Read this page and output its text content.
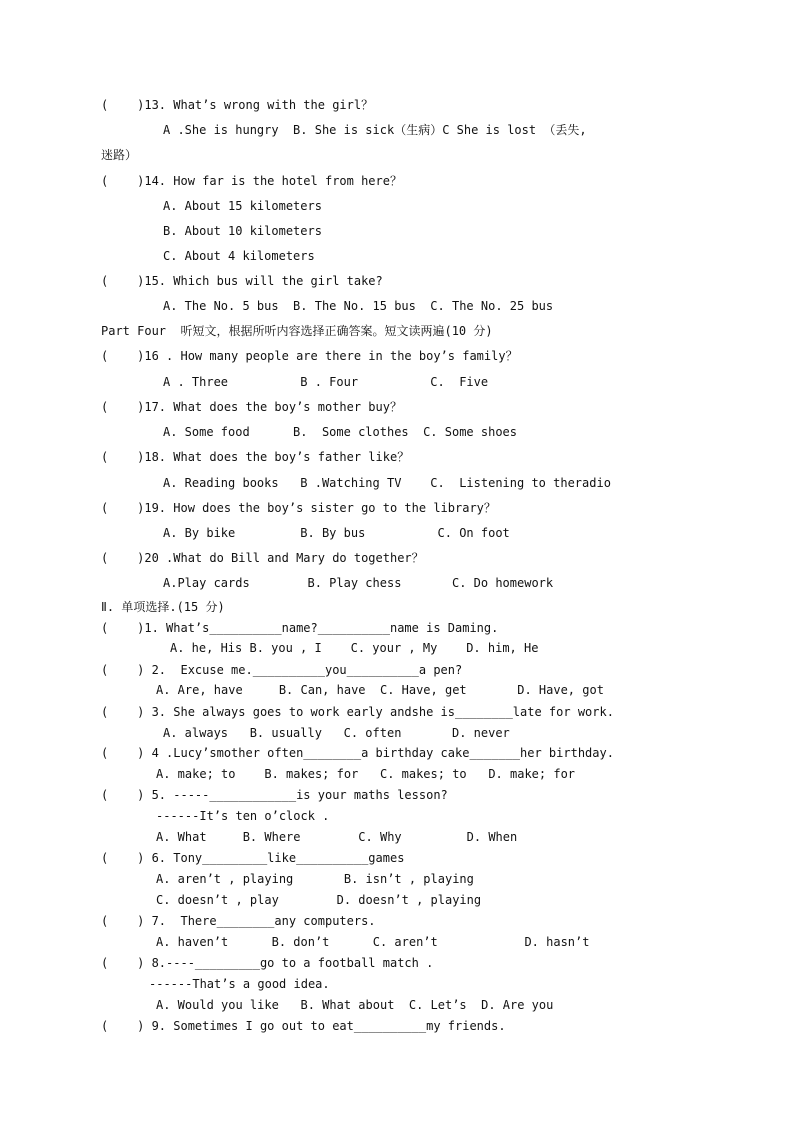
(    )13. What’s wrong with the girl？
A .She is hungry  B. She is sick（生病）C She is lost （丢失,
迷路）
(    )14. How far is the hotel from here？
A. About 15 kilometers
B. About 10 kilometers
C. About 4 kilometers
(    )15. Which bus will the girl take?
A. The No. 5 bus  B. The No. 15 bus  C. The No. 25 bus
Part Four  听短文，根据所听内容选择正确答案。短文读两遍(10 分)
(    )16 . How many people are there in the boy’s family？
A . Three          B . Four          C.  Five
(    )17. What does the boy’s mother buy？
A. Some food      B.  Some clothes  C. Some shoes
(    )18. What does the boy’s father like？
A. Reading books   B .Watching TV    C.  Listening to theradio
(    )19. How does the boy’s sister go to the library？
A. By bike         B. By bus          C. On foot
(    )20 .What do Bill and Mary do together？
A.Play cards        B. Play chess       C. Do homework
Ⅱ. 单项选择.(15 分)
(    )1. What’s__________name?__________name is Daming.
A. he, His B. you , I    C. your , My    D. him, He
(    ) 2.  Excuse me.__________you__________a pen?
A. Are, have     B. Can, have  C. Have, get       D. Have, got
(    ) 3. She always goes to work early andshe is________late for work.
A. always   B. usually   C. often       D. never
(    ) 4 .Lucy’smother often________a birthday cake_______her birthday.
A. make; to    B. makes; for   C. makes; to   D. make; for
(    ) 5. -----____________is your maths lesson?
------It’s ten o’clock .
A. What     B. Where        C. Why         D. When
(    ) 6. Tony_________like__________games
A. aren’t , playing       B. isn’t , playing
C. doesn’t , play        D. doesn’t , playing
(    ) 7.  There________any computers.
A. haven’t      B. don’t      C. aren’t            D. hasn’t
(    ) 8.----_________go to a football match .
------That’s a good idea.
A. Would you like   B. What about  C. Let’s  D. Are you
(    ) 9. Sometimes I go out to eat__________my friends.
